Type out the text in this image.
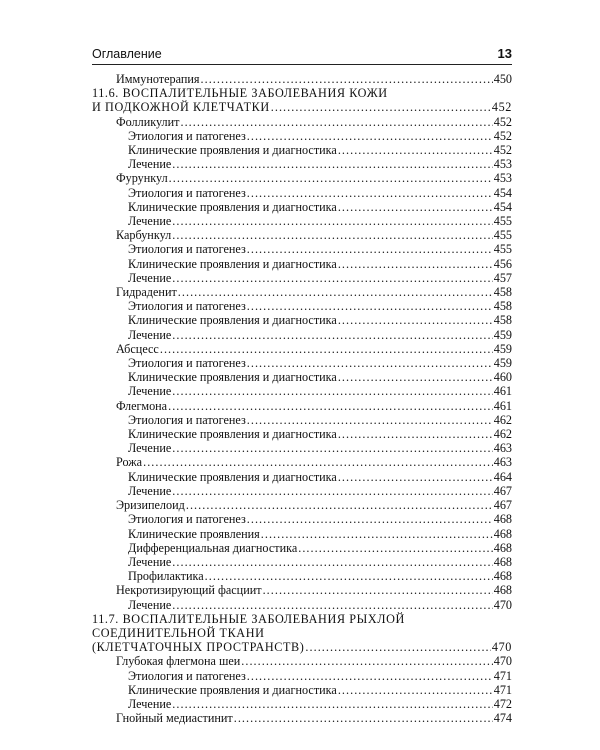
Оглавление	13
Иммунотерапия . . .	450
11.6. ВОСПАЛИТЕЛЬНЫЕ ЗАБОЛЕВАНИЯ КОЖИ
И ПОДКОЖНОЙ КЛЕТЧАТКИ . . .	452
Фолликулит . . .	452
Этиология и патогенез . . .	452
Клинические проявления и диагностика . . .	452
Лечение . . .	453
Фурункул . . .	453
Этиология и патогенез . . .	454
Клинические проявления и диагностика . . .	454
Лечение . . .	455
Карбункул . . .	455
Этиология и патогенез . . .	455
Клинические проявления и диагностика . . .	456
Лечение . . .	457
Гидраденит . . .	458
Этиология и патогенез . . .	458
Клинические проявления и диагностика . . .	458
Лечение . . .	459
Абсцесс . . .	459
Этиология и патогенез . . .	459
Клинические проявления и диагностика . . .	460
Лечение . . .	461
Флегмона . . .	461
Этиология и патогенез . . .	462
Клинические проявления и диагностика . . .	462
Лечение . . .	463
Рожа . . .	463
Клинические проявления и диагностика . . .	464
Лечение . . .	467
Эризипелоид . . .	467
Этиология и патогенез . . .	468
Клинические проявления . . .	468
Дифференциальная диагностика . . .	468
Лечение . . .	468
Профилактика . . .	468
Некротизирующий фасциит . . .	468
Лечение . . .	470
11.7. ВОСПАЛИТЕЛЬНЫЕ ЗАБОЛЕВАНИЯ РЫХЛОЙ
СОЕДИНИТЕЛЬНОЙ ТКАНИ
(КЛЕТЧАТОЧНЫХ ПРОСТРАНСТВ) . . .	470
Глубокая флегмона шеи . . .	470
Этиология и патогенез . . .	471
Клинические проявления и диагностика . . .	471
Лечение . . .	472
Гнойный медиастинит . . .	474
